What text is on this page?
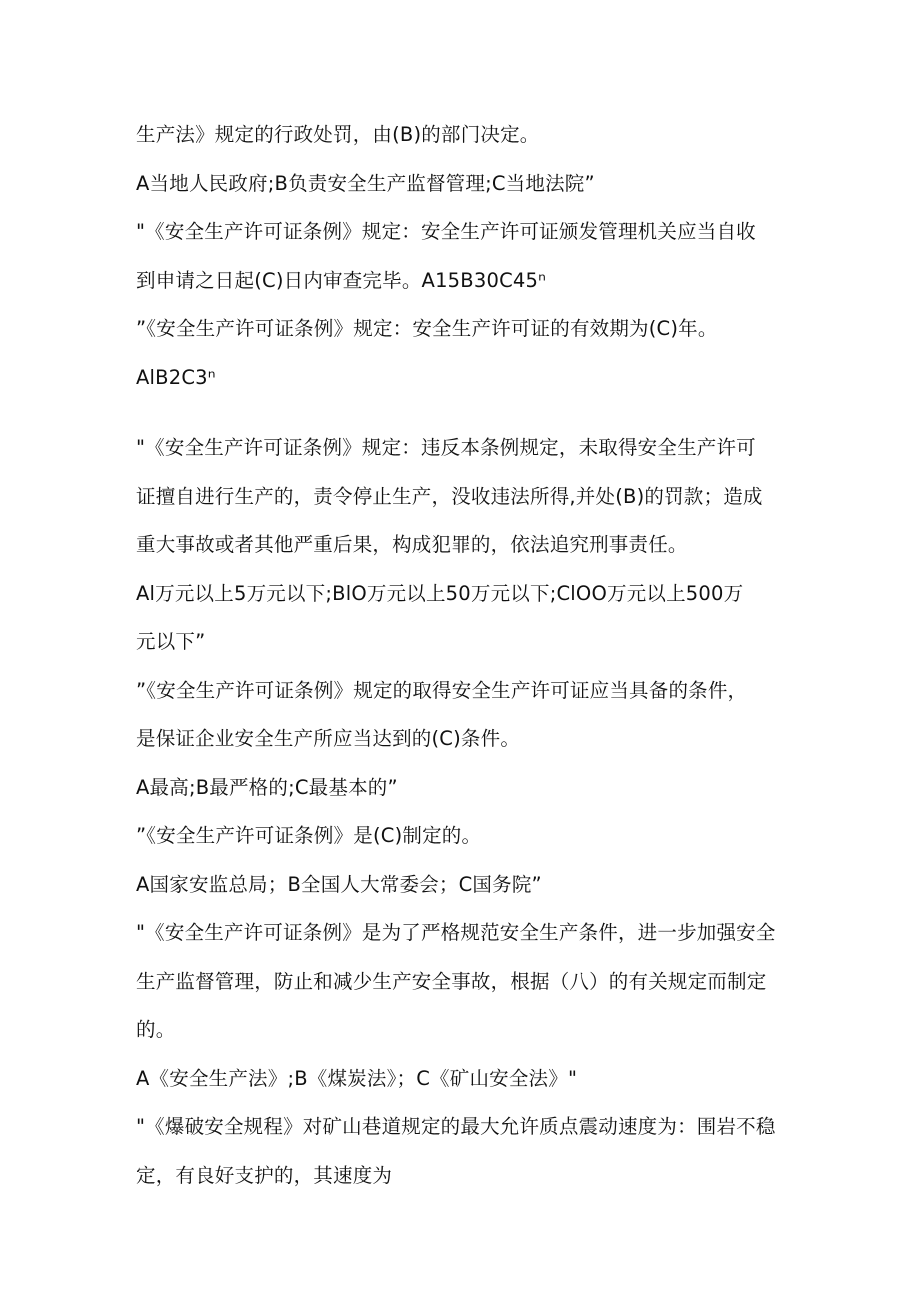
生产法》规定的行政处罚，由(B)的部门决定。
A当地人民政府;B负责安全生产监督管理;C当地法院”
"《安全生产许可证条例》规定：安全生产许可证颁发管理机关应当自收
到申请之日起(C)日内审查完毕。A15B30C45ⁿ
”《安全生产许可证条例》规定：安全生产许可证的有效期为(C)年。
AlB2C3ⁿ
"《安全生产许可证条例》规定：违反本条例规定，未取得安全生产许可
证擅自进行生产的，责令停止生产，没收违法所得,并处(B)的罚款；造成
重大事故或者其他严重后果，构成犯罪的，依法追究刑事责任。
Al万元以上5万元以下;BlO万元以上50万元以下;ClOO万元以上500万
元以下”
”《安全生产许可证条例》规定的取得安全生产许可证应当具备的条件，
是保证企业安全生产所应当达到的(C)条件。
A最高;B最严格的;C最基本的”
”《安全生产许可证条例》是(C)制定的。
A国家安监总局；B全国人大常委会；C国务院”
"《安全生产许可证条例》是为了严格规范安全生产条件，进一步加强安全
生产监督管理，防止和减少生产安全事故，根据（八）的有关规定而制定
的。
A《安全生产法》;B《煤炭法》；C《矿山安全法》"
"《爆破安全规程》对矿山巷道规定的最大允许质点震动速度为：围岩不稳
定，有良好支护的，其速度为
